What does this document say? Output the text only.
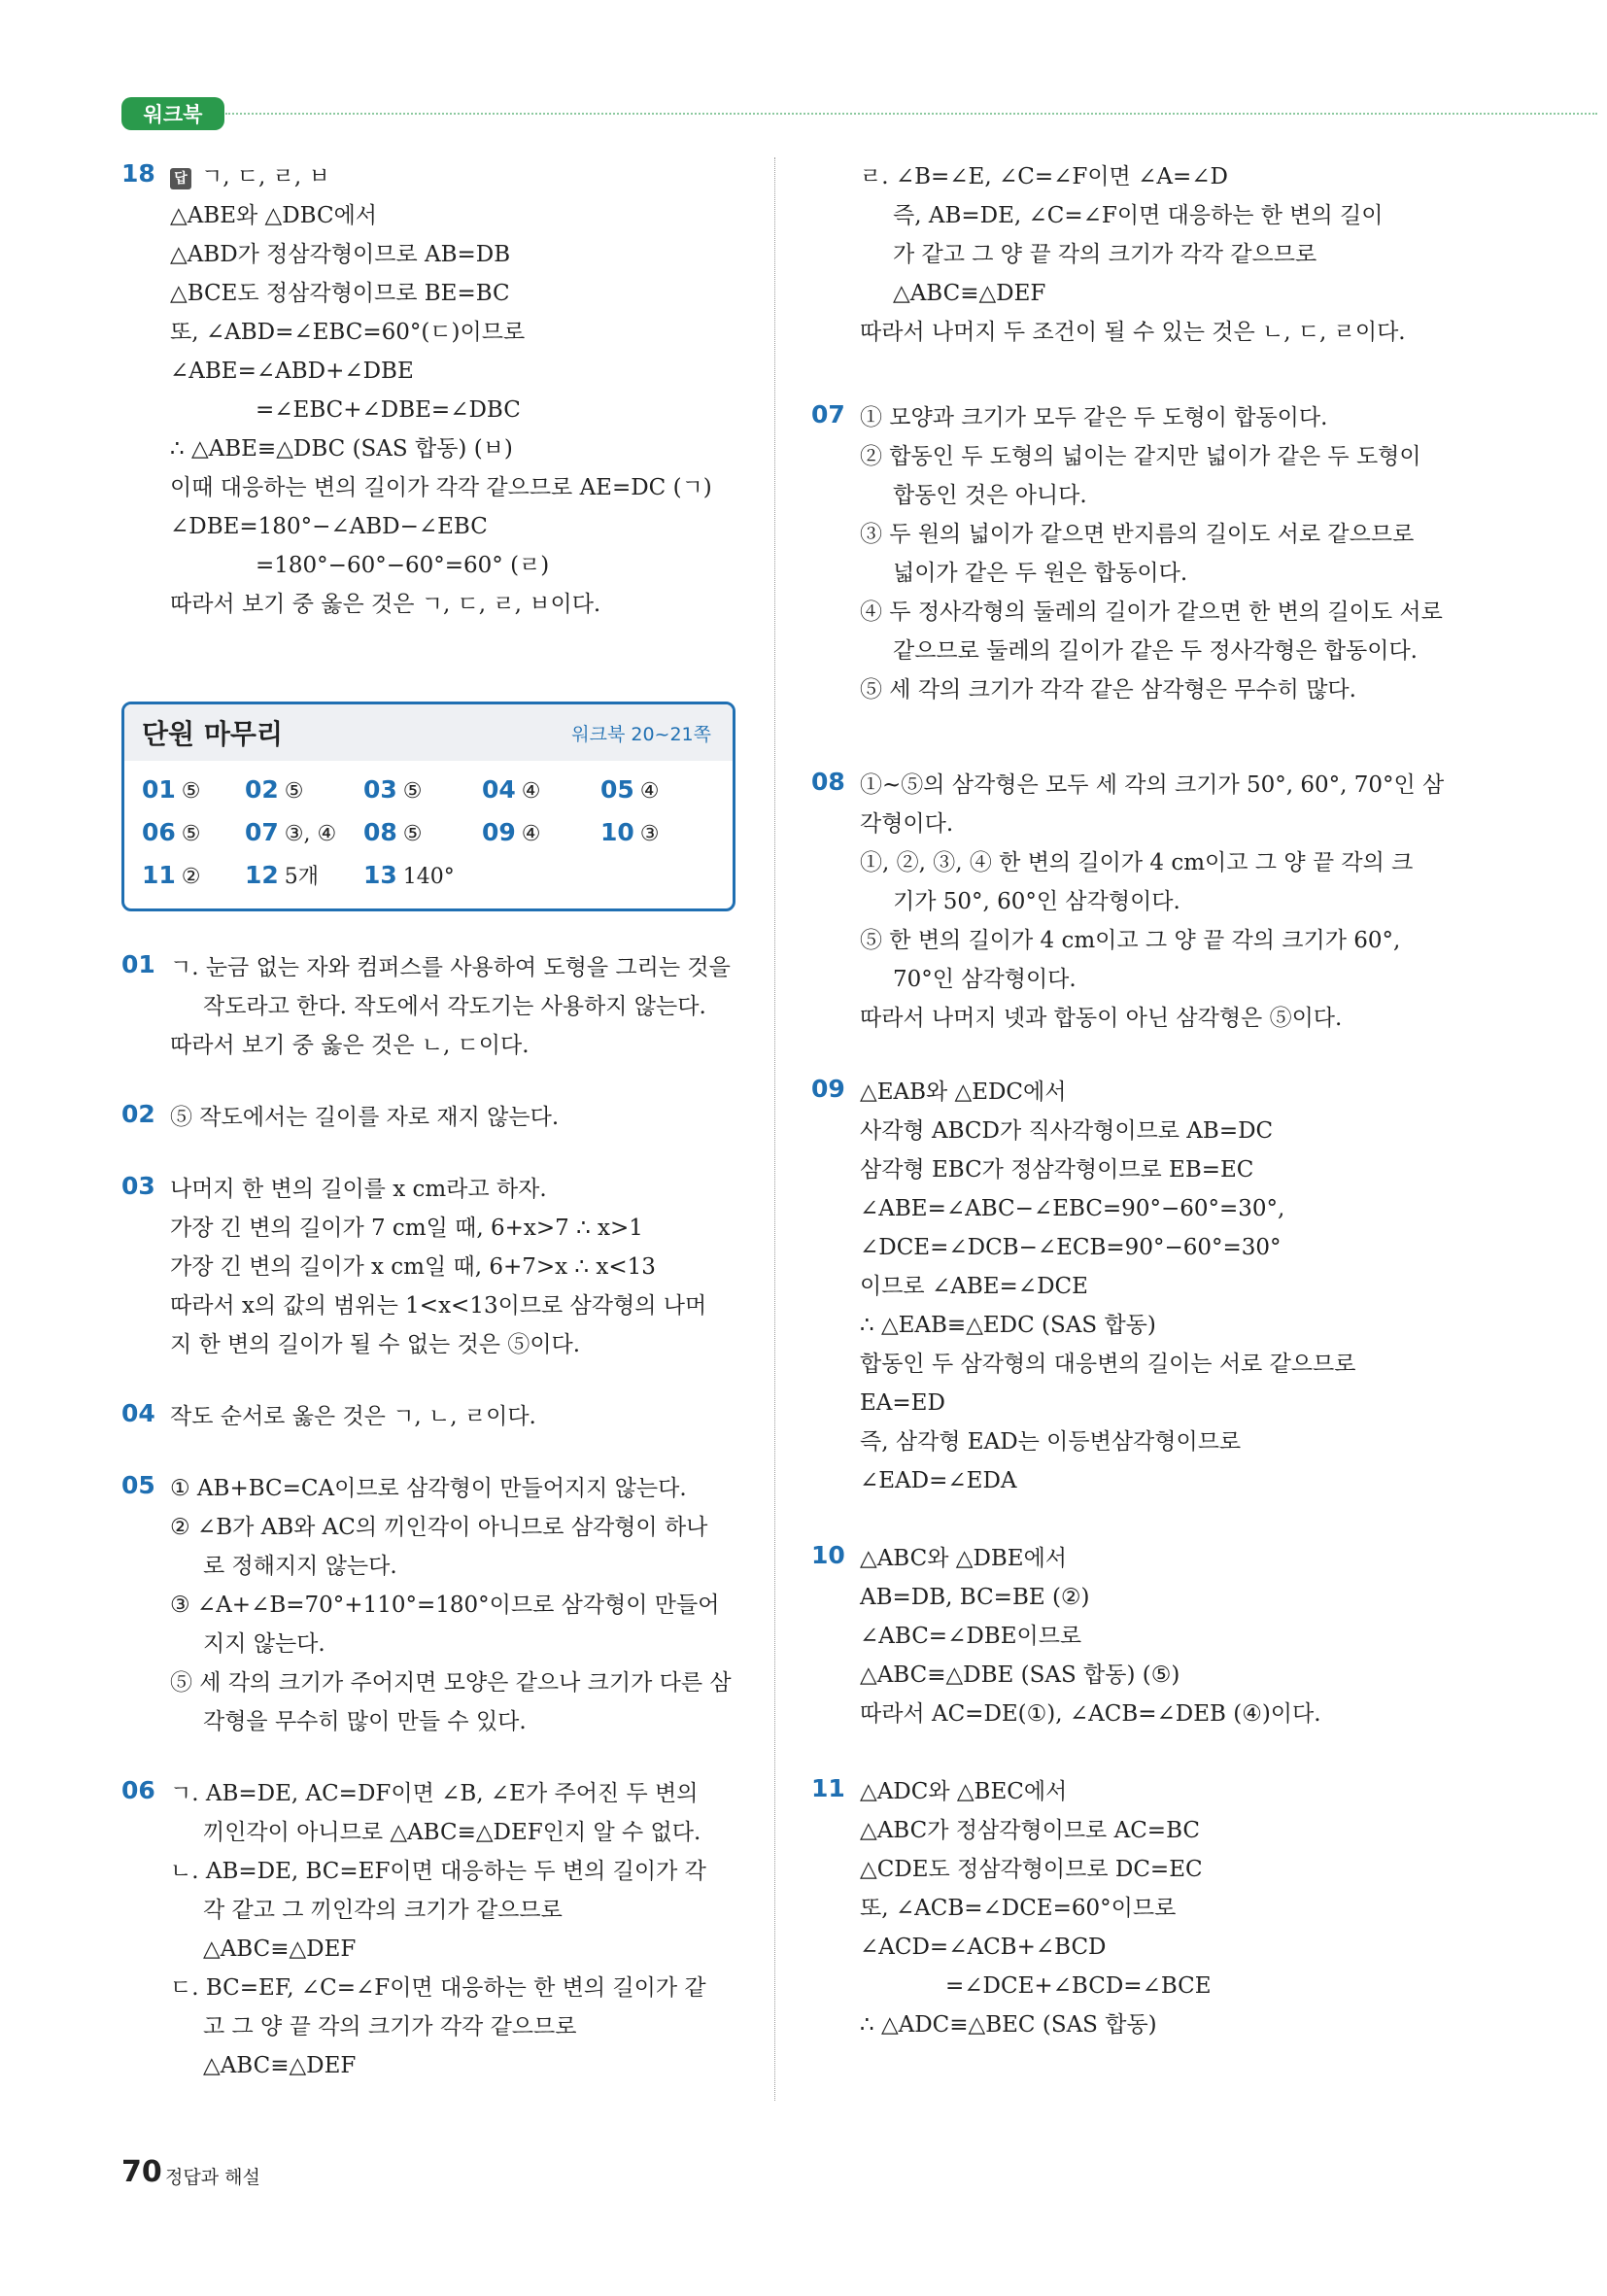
워크북
18	답 ㄱ, ㄷ, ㄹ, ㅂ
△ABE와 △DBC에서
△ABD가 정삼각형이므로 AB=DB
△BCE도 정삼각형이므로 BE=BC
또, ∠ABD=∠EBC=60°(ㄷ)이므로
∠ABE=∠ABD+∠DBE
=∠EBC+∠DBE=∠DBC
∴ △ABE≡△DBC (SAS 합동) (ㅂ)
이때 대응하는 변의 길이가 각각 같으므로 AE=DC (ㄱ)
∠DBE=180°−∠ABD−∠EBC
=180°−60°−60°=60° (ㄹ)
따라서 보기 중 옳은 것은 ㄱ, ㄷ, ㄹ, ㅂ이다.
단원 마무리	워크북 20~21쪽
01 ⑤	02 ⑤	03 ⑤	04 ④	05 ④
06 ⑤	07 ③, ④	08 ⑤	09 ④	10 ③
11 ②	12 5개	13 140°
01 ㄱ. 눈금 없는 자와 컴퍼스를 사용하여 도형을 그리는 것을
작도라고 한다. 작도에서 각도기는 사용하지 않는다.
따라서 보기 중 옳은 것은 ㄴ, ㄷ이다.
02 ⑤ 작도에서는 길이를 자로 재지 않는다.
03 나머지 한 변의 길이를 x cm라고 하자.
가장 긴 변의 길이가 7 cm일 때, 6+x>7 ∴ x>1
가장 긴 변의 길이가 x cm일 때, 6+7>x ∴ x<13
따라서 x의 값의 범위는 1<x<13이므로 삼각형의 나머
지 한 변의 길이가 될 수 없는 것은 ⑤이다.
04 작도 순서로 옳은 것은 ㄱ, ㄴ, ㄹ이다.
05 ① AB+BC=CA이므로 삼각형이 만들어지지 않는다.
② ∠B가 AB와 AC의 끼인각이 아니므로 삼각형이 하나
로 정해지지 않는다.
③ ∠A+∠B=70°+110°=180°이므로 삼각형이 만들어
지지 않는다.
⑤ 세 각의 크기가 주어지면 모양은 같으나 크기가 다른 삼
각형을 무수히 많이 만들 수 있다.
06 ㄱ. AB=DE, AC=DF이면 ∠B, ∠E가 주어진 두 변의
끼인각이 아니므로 △ABC≡△DEF인지 알 수 없다.
ㄴ. AB=DE, BC=EF이면 대응하는 두 변의 길이가 각
각 같고 그 끼인각의 크기가 같으므로
△ABC≡△DEF
ㄷ. BC=EF, ∠C=∠F이면 대응하는 한 변의 길이가 같
고 그 양 끝 각의 크기가 각각 같으므로
△ABC≡△DEF
ㄹ. ∠B=∠E, ∠C=∠F이면 ∠A=∠D
즉, AB=DE, ∠C=∠F이면 대응하는 한 변의 길이
가 같고 그 양 끝 각의 크기가 각각 같으므로
△ABC≡△DEF
따라서 나머지 두 조건이 될 수 있는 것은 ㄴ, ㄷ, ㄹ이다.
07 ① 모양과 크기가 모두 같은 두 도형이 합동이다.
② 합동인 두 도형의 넓이는 같지만 넓이가 같은 두 도형이
합동인 것은 아니다.
③ 두 원의 넓이가 같으면 반지름의 길이도 서로 같으므로
넓이가 같은 두 원은 합동이다.
④ 두 정사각형의 둘레의 길이가 같으면 한 변의 길이도 서로
같으므로 둘레의 길이가 같은 두 정사각형은 합동이다.
⑤ 세 각의 크기가 각각 같은 삼각형은 무수히 많다.
08 ①~⑤의 삼각형은 모두 세 각의 크기가 50°, 60°, 70°인 삼
각형이다.
①, ②, ③, ④ 한 변의 길이가 4 cm이고 그 양 끝 각의 크
기가 50°, 60°인 삼각형이다.
⑤ 한 변의 길이가 4 cm이고 그 양 끝 각의 크기가 60°,
70°인 삼각형이다.
따라서 나머지 넷과 합동이 아닌 삼각형은 ⑤이다.
09 △EAB와 △EDC에서
사각형 ABCD가 직사각형이므로 AB=DC
삼각형 EBC가 정삼각형이므로 EB=EC
∠ABE=∠ABC−∠EBC=90°−60°=30°,
∠DCE=∠DCB−∠ECB=90°−60°=30°
이므로 ∠ABE=∠DCE
∴ △EAB≡△EDC (SAS 합동)
합동인 두 삼각형의 대응변의 길이는 서로 같으므로
EA=ED
즉, 삼각형 EAD는 이등변삼각형이므로
∠EAD=∠EDA
10 △ABC와 △DBE에서
AB=DB, BC=BE (②)
∠ABC=∠DBE이므로
△ABC≡△DBE (SAS 합동) (⑤)
따라서 AC=DE(①), ∠ACB=∠DEB (④)이다.
11 △ADC와 △BEC에서
△ABC가 정삼각형이므로 AC=BC
△CDE도 정삼각형이므로 DC=EC
또, ∠ACB=∠DCE=60°이므로
∠ACD=∠ACB+∠BCD
=∠DCE+∠BCD=∠BCE
∴ △ADC≡△BEC (SAS 합동)
70 정답과 해설
